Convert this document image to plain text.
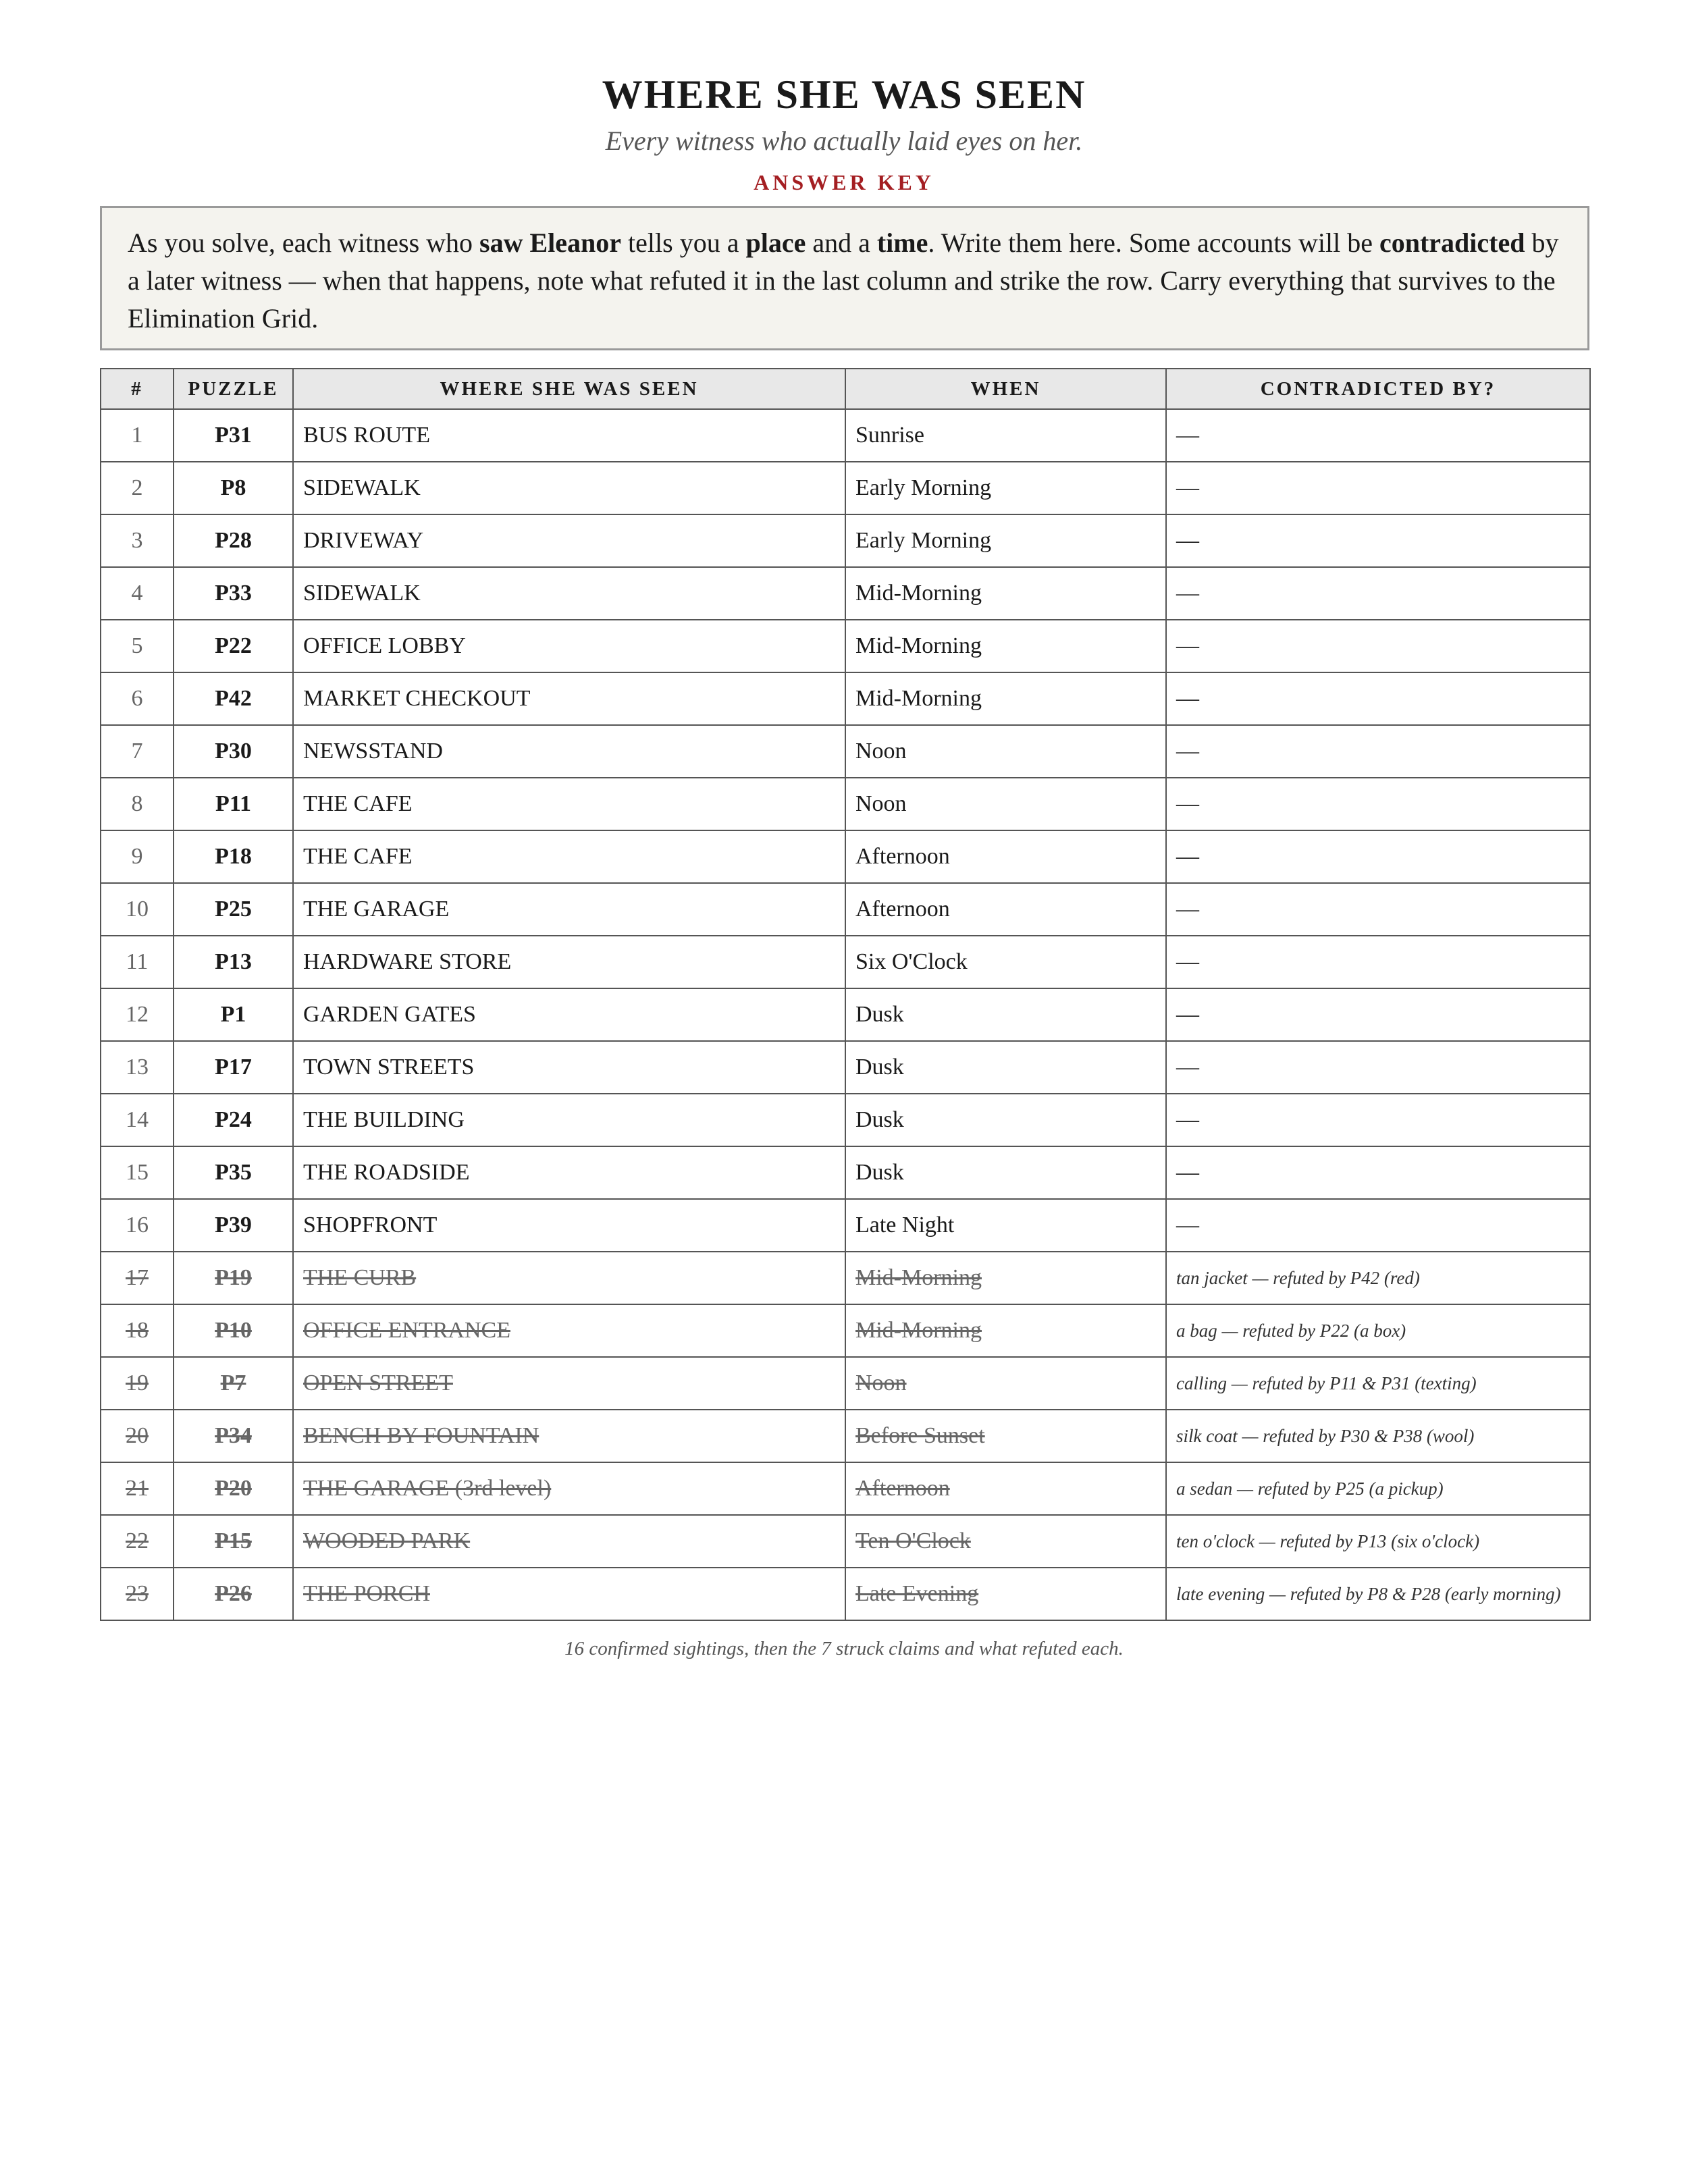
WHERE SHE WAS SEEN
Every witness who actually laid eyes on her.
ANSWER KEY
As you solve, each witness who saw Eleanor tells you a place and a time. Write them here. Some accounts will be contradicted by a later witness — when that happens, note what refuted it in the last column and strike the row. Carry everything that survives to the Elimination Grid.
#	PUZZLE	WHERE SHE WAS SEEN	WHEN	CONTRADICTED BY?
1	P31	BUS ROUTE	Sunrise	—
2	P8	SIDEWALK	Early Morning	—
3	P28	DRIVEWAY	Early Morning	—
4	P33	SIDEWALK	Mid-Morning	—
5	P22	OFFICE LOBBY	Mid-Morning	—
6	P42	MARKET CHECKOUT	Mid-Morning	—
7	P30	NEWSSTAND	Noon	—
8	P11	THE CAFE	Noon	—
9	P18	THE CAFE	Afternoon	—
10	P25	THE GARAGE	Afternoon	—
11	P13	HARDWARE STORE	Six O'Clock	—
12	P1	GARDEN GATES	Dusk	—
13	P17	TOWN STREETS	Dusk	—
14	P24	THE BUILDING	Dusk	—
15	P35	THE ROADSIDE	Dusk	—
16	P39	SHOPFRONT	Late Night	—
17	P19	THE CURB	Mid-Morning	tan jacket — refuted by P42 (red)
18	P10	OFFICE ENTRANCE	Mid-Morning	a bag — refuted by P22 (a box)
19	P7	OPEN STREET	Noon	calling — refuted by P11 & P31 (texting)
20	P34	BENCH BY FOUNTAIN	Before Sunset	silk coat — refuted by P30 & P38 (wool)
21	P20	THE GARAGE (3rd level)	Afternoon	a sedan — refuted by P25 (a pickup)
22	P15	WOODED PARK	Ten O'Clock	ten o'clock — refuted by P13 (six o'clock)
23	P26	THE PORCH	Late Evening	late evening — refuted by P8 & P28 (early morning)
16 confirmed sightings, then the 7 struck claims and what refuted each.
